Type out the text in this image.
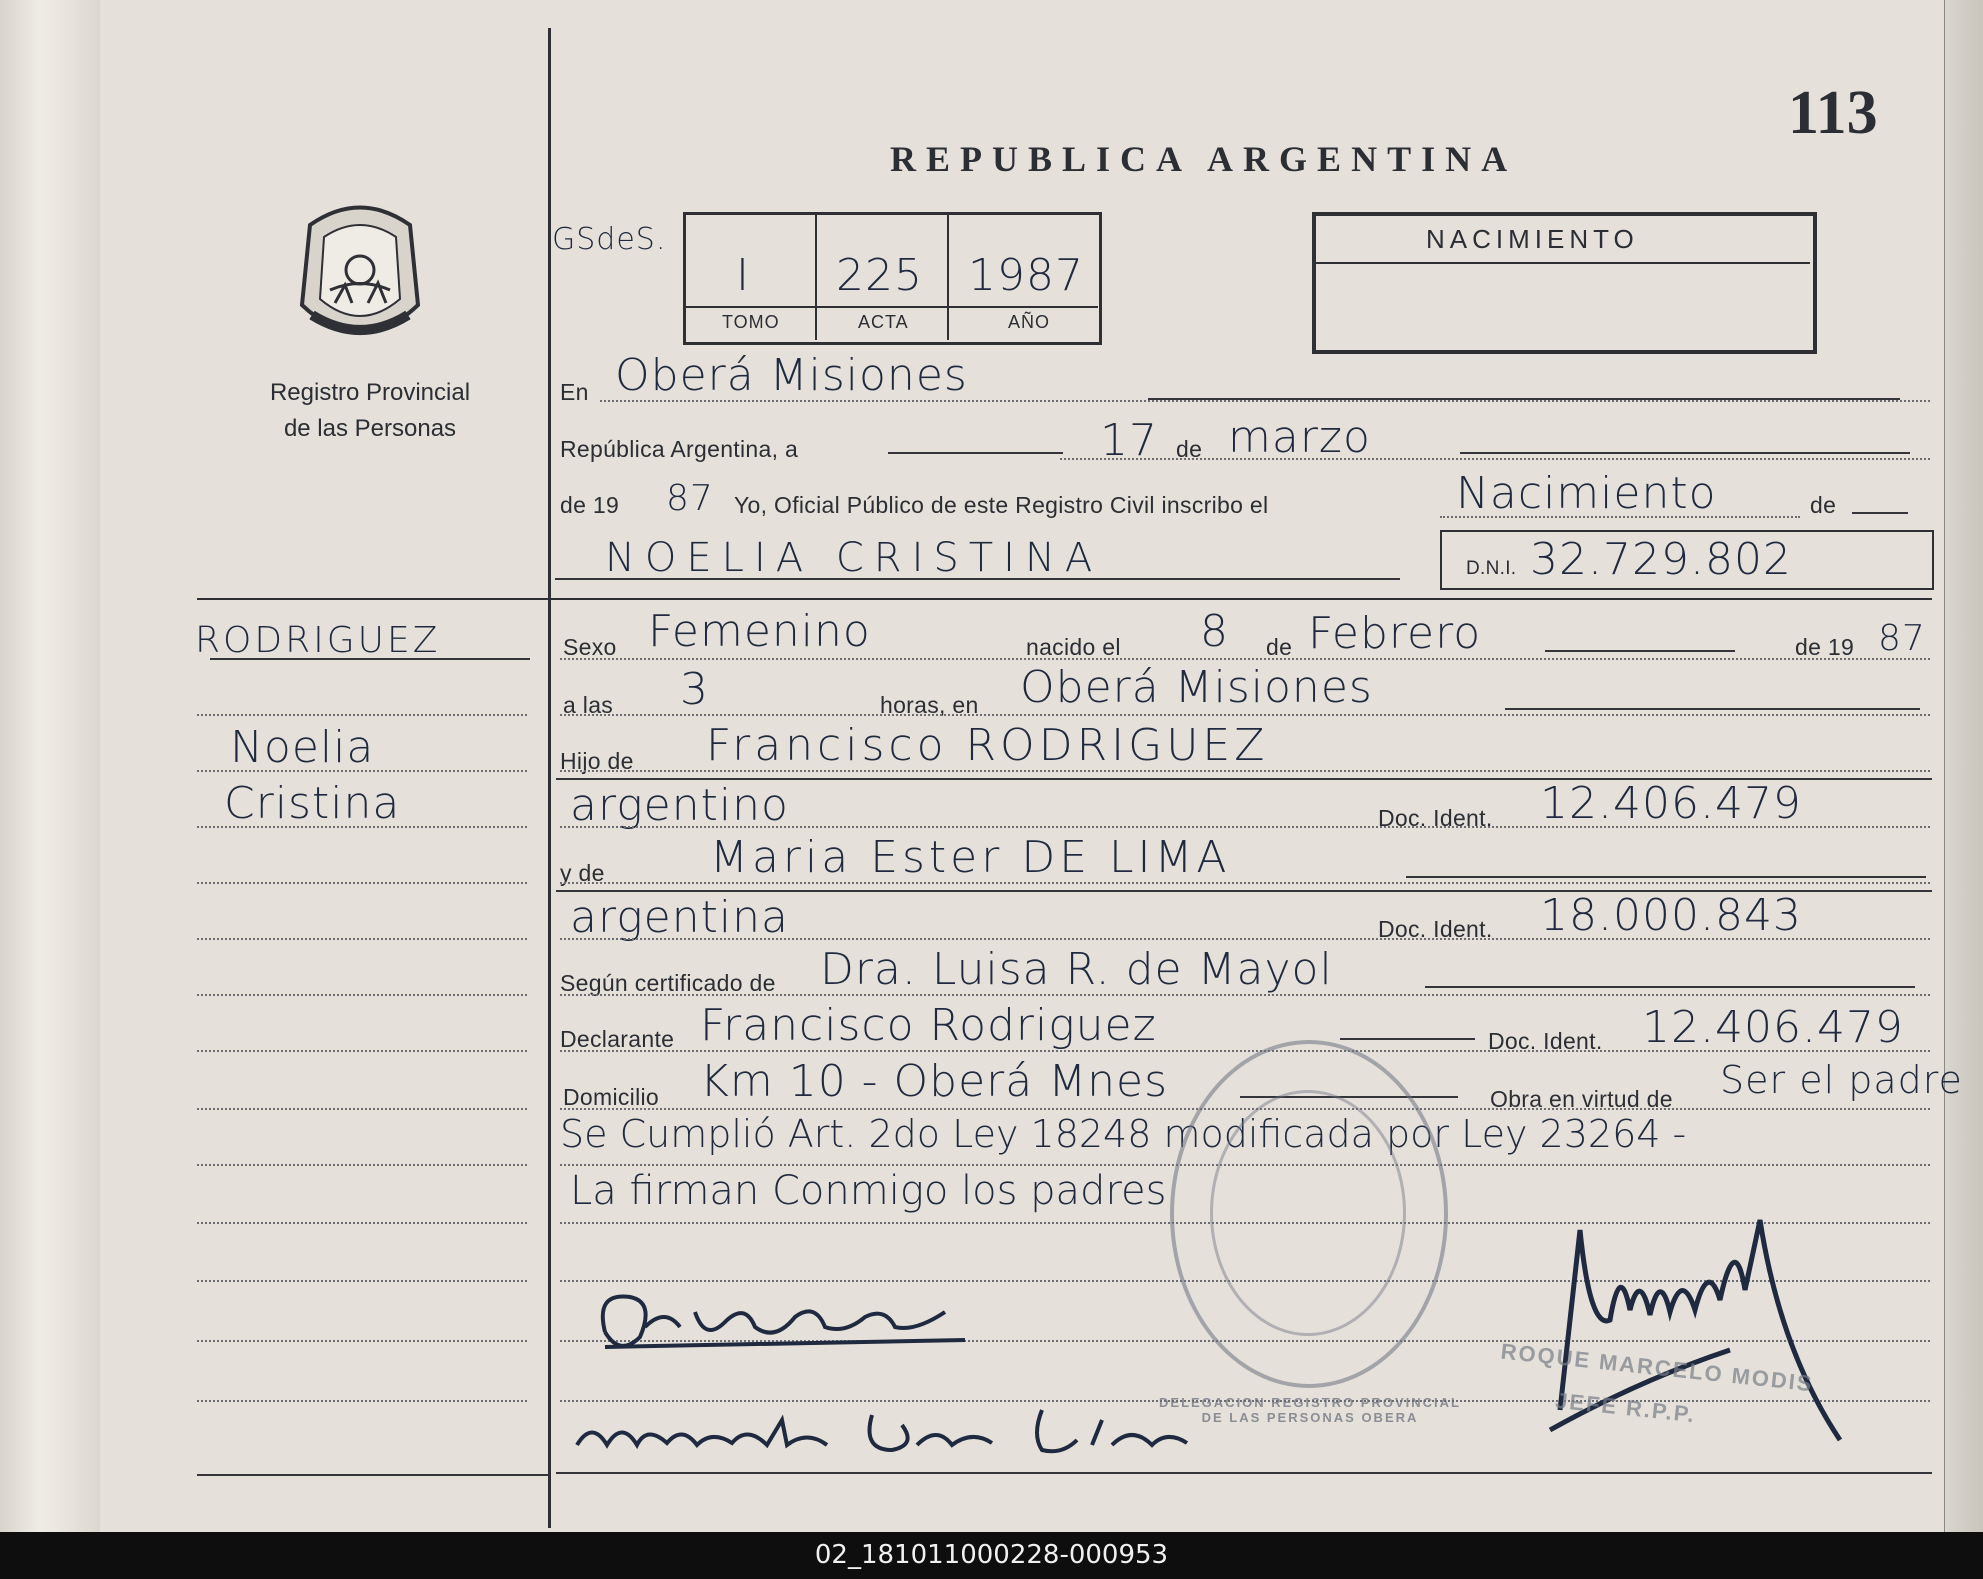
113
REPUBLICA ARGENTINA
Registro Provincial
de las Personas
GSdeS.
I 225 1987
TOMO	ACTA	AÑO
NACIMIENTO
En Oberá Misiones
República Argentina, a	17 de marzo
de 19 87 Yo, Oficial Público de este Registro Civil inscribo el	Nacimiento	de
NOELIA CRISTINA	D.N.I. 32.729.802
Sexo Femenino	nacido el 8 de Febrero	de 19 87
a las 3	horas, en Oberá Misiones
Hijo de Francisco RODRIGUEZ
argentino	Doc. Ident. 12.406.479
y de Maria Ester DE LIMA
argentina	Doc. Ident. 18.000.843
Según certificado de Dra. Luisa R. de Mayol
Declarante Francisco Rodriguez	Doc. Ident. 12.406.479
Domicilio Km 10 - Oberá Mnes	Obra en virtud de Ser el padre
Se Cumplió Art. 2do Ley 18248 modificada por Ley 23264 -
La firman Conmigo los padres
DELEGACION REGISTRO PROVINCIAL DE LAS PERSONAS OBERA
ROQUE MARCELO MODIS
JEFE R.P.P.
RODRIGUEZ
Noelia
Cristina
02_181011000228-000953
